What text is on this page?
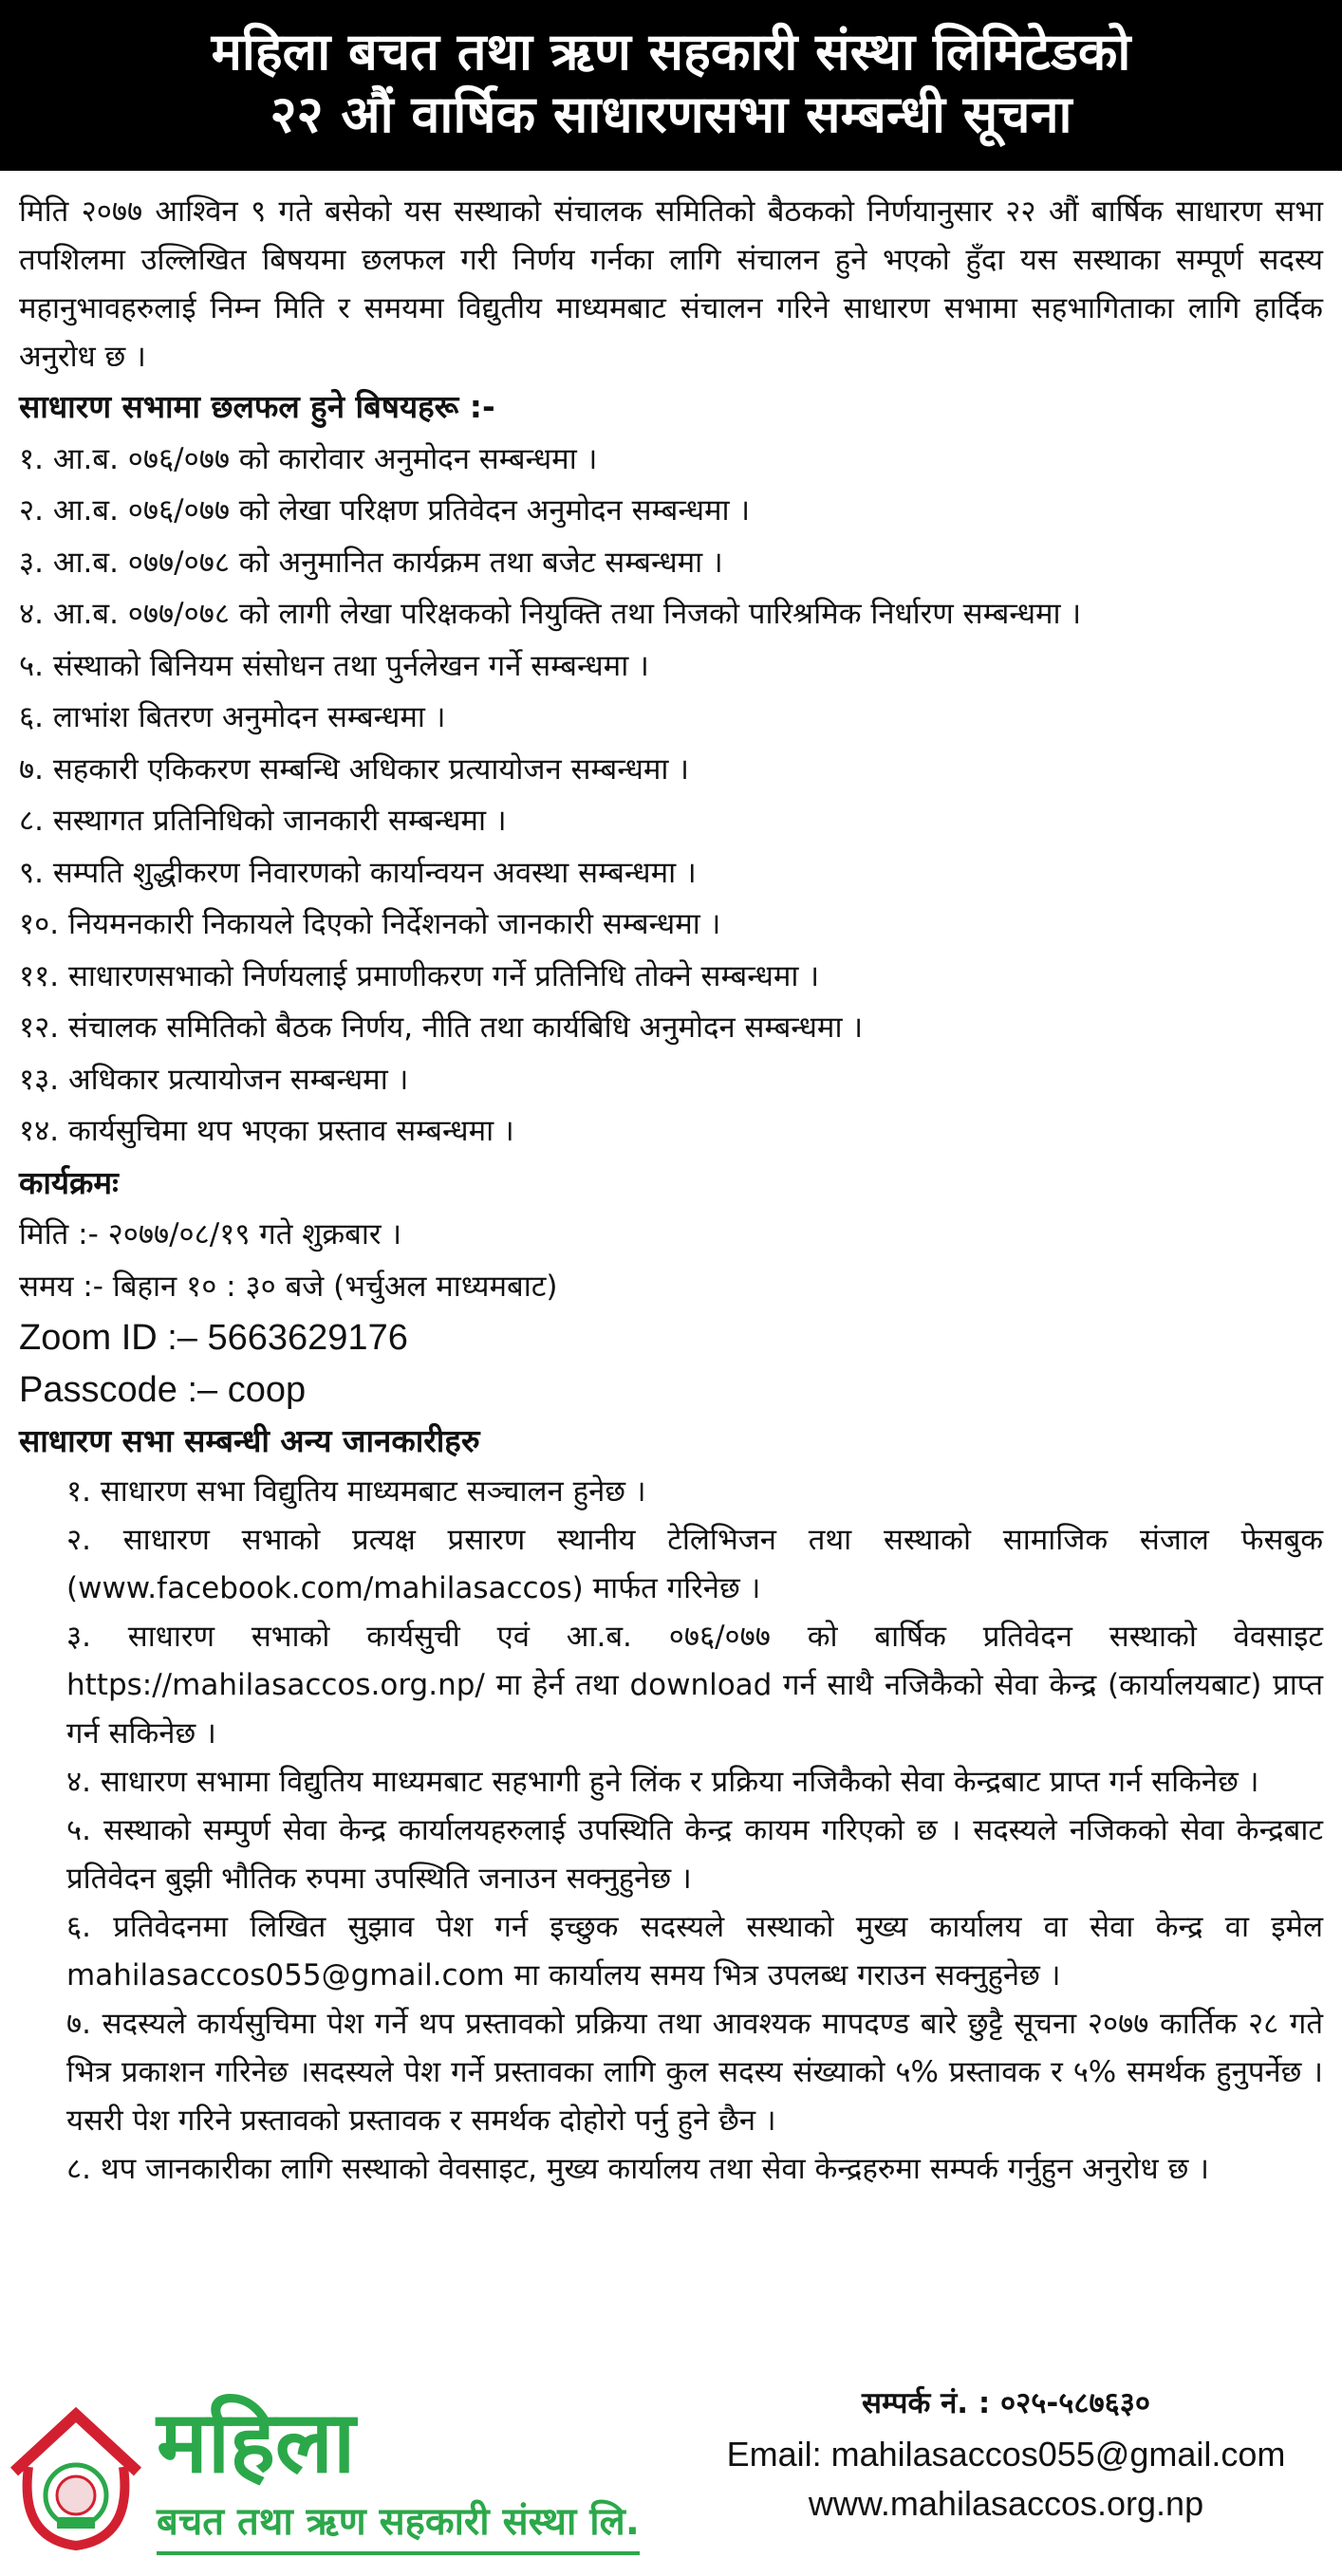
महिला बचत तथा ऋण सहकारी संस्था लिमिटेडको
२२ औं वार्षिक साधारणसभा सम्बन्धी सूचना

मिति २०७७ आश्विन ९ गते बसेको यस सस्थाको संचालक समितिको बैठकको निर्णयानुसार २२ औं बार्षिक साधारण सभा तपशिलमा उल्लिखित बिषयमा छलफल गरी निर्णय गर्नका लागि संचालन हुने भएको हुँदा यस सस्थाका सम्पूर्ण सदस्य महानुभावहरुलाई निम्न मिति र समयमा विद्युतीय माध्यमबाट संचालन गरिने साधारण सभामा सहभागिताका लागि हार्दिक अनुरोध छ ।

साधारण सभामा छलफल हुने बिषयहरू :-

१. आ.ब. ०७६/०७७ को कारोवार अनुमोदन सम्बन्धमा ।
२. आ.ब. ०७६/०७७ को लेखा परिक्षण प्रतिवेदन अनुमोदन सम्बन्धमा ।
३. आ.ब. ०७७/०७८ को अनुमानित कार्यक्रम तथा बजेट सम्बन्धमा ।
४. आ.ब. ०७७/०७८ को लागी लेखा परिक्षकको नियुक्ति तथा निजको पारिश्रमिक निर्धारण सम्बन्धमा ।
५. संस्थाको बिनियम संसोधन तथा पुर्नलेखन गर्ने सम्बन्धमा ।
६. लाभांश बितरण अनुमोदन सम्बन्धमा ।
७. सहकारी एकिकरण सम्बन्धि अधिकार प्रत्यायोजन सम्बन्धमा ।
८. सस्थागत प्रतिनिधिको जानकारी सम्बन्धमा ।
९. सम्पति शुद्धीकरण निवारणको कार्यान्वयन अवस्था सम्बन्धमा ।
१०. नियमनकारी निकायले दिएको निर्देशनको जानकारी सम्बन्धमा ।
११. साधारणसभाको निर्णयलाई प्रमाणीकरण गर्ने प्रतिनिधि तोक्ने सम्बन्धमा ।
१२. संचालक समितिको बैठक निर्णय, नीति तथा कार्यबिधि अनुमोदन सम्बन्धमा ।
१३. अधिकार प्रत्यायोजन सम्बन्धमा ।
१४. कार्यसुचिमा थप भएका प्रस्ताव सम्बन्धमा ।

कार्यक्रमः

मिति :- २०७७/०८/१९ गते शुक्रबार ।
समय :- बिहान १० : ३० बजे (भर्चुअल माध्यमबाट)
Zoom ID :– 5663629176
Passcode :– coop

साधारण सभा सम्बन्धी अन्य जानकारीहरु

१. साधारण सभा विद्युतिय माध्यमबाट सञ्चालन हुनेछ ।
२. साधारण सभाको प्रत्यक्ष प्रसारण स्थानीय टेलिभिजन तथा सस्थाको सामाजिक संजाल फेसबुक (www.facebook.com/mahilasaccos) मार्फत गरिनेछ ।
३. साधारण सभाको कार्यसुची एवं आ.ब. ०७६/०७७ को बार्षिक प्रतिवेदन सस्थाको वेवसाइट https://mahilasaccos.org.np/ मा हेर्न तथा download गर्न साथै नजिकैको सेवा केन्द्र (कार्यालयबाट) प्राप्त गर्न सकिनेछ ।
४. साधारण सभामा विद्युतिय माध्यमबाट सहभागी हुने लिंक र प्रक्रिया नजिकैको सेवा केन्द्रबाट प्राप्त गर्न सकिनेछ ।
५. सस्थाको सम्पुर्ण सेवा केन्द्र कार्यालयहरुलाई उपस्थिति केन्द्र कायम गरिएको छ । सदस्यले नजिकको सेवा केन्द्रबाट प्रतिवेदन बुझी भौतिक रुपमा उपस्थिति जनाउन सक्नुहुनेछ ।
६. प्रतिवेदनमा लिखित सुझाव पेश गर्न इच्छुक सदस्यले सस्थाको मुख्य कार्यालय वा सेवा केन्द्र वा इमेल mahilasaccos055@gmail.com मा कार्यालय समय भित्र उपलब्ध गराउन सक्नुहुनेछ ।
७. सदस्यले कार्यसुचिमा पेश गर्ने थप प्रस्तावको प्रक्रिया तथा आवश्यक मापदण्ड बारे छुट्टै सूचना २०७७ कार्तिक २८ गते भित्र प्रकाशन गरिनेछ ।सदस्यले पेश गर्ने प्रस्तावका लागि कुल सदस्य संख्याको ५% प्रस्तावक र ५% समर्थक हुनुपर्नेछ । यसरी पेश गरिने प्रस्तावको प्रस्तावक र समर्थक दोहोरो पर्नु हुने छैन ।
८. थप जानकारीका लागि सस्थाको वेवसाइट, मुख्य कार्यालय तथा सेवा केन्द्रहरुमा सम्पर्क गर्नुहुन अनुरोध छ ।
महिला
बचत तथा ऋण सहकारी संस्था लि.
सम्पर्क नं. : ०२५-५८७६३०
Email: mahilasaccos055@gmail.com
www.mahilasaccos.org.np
